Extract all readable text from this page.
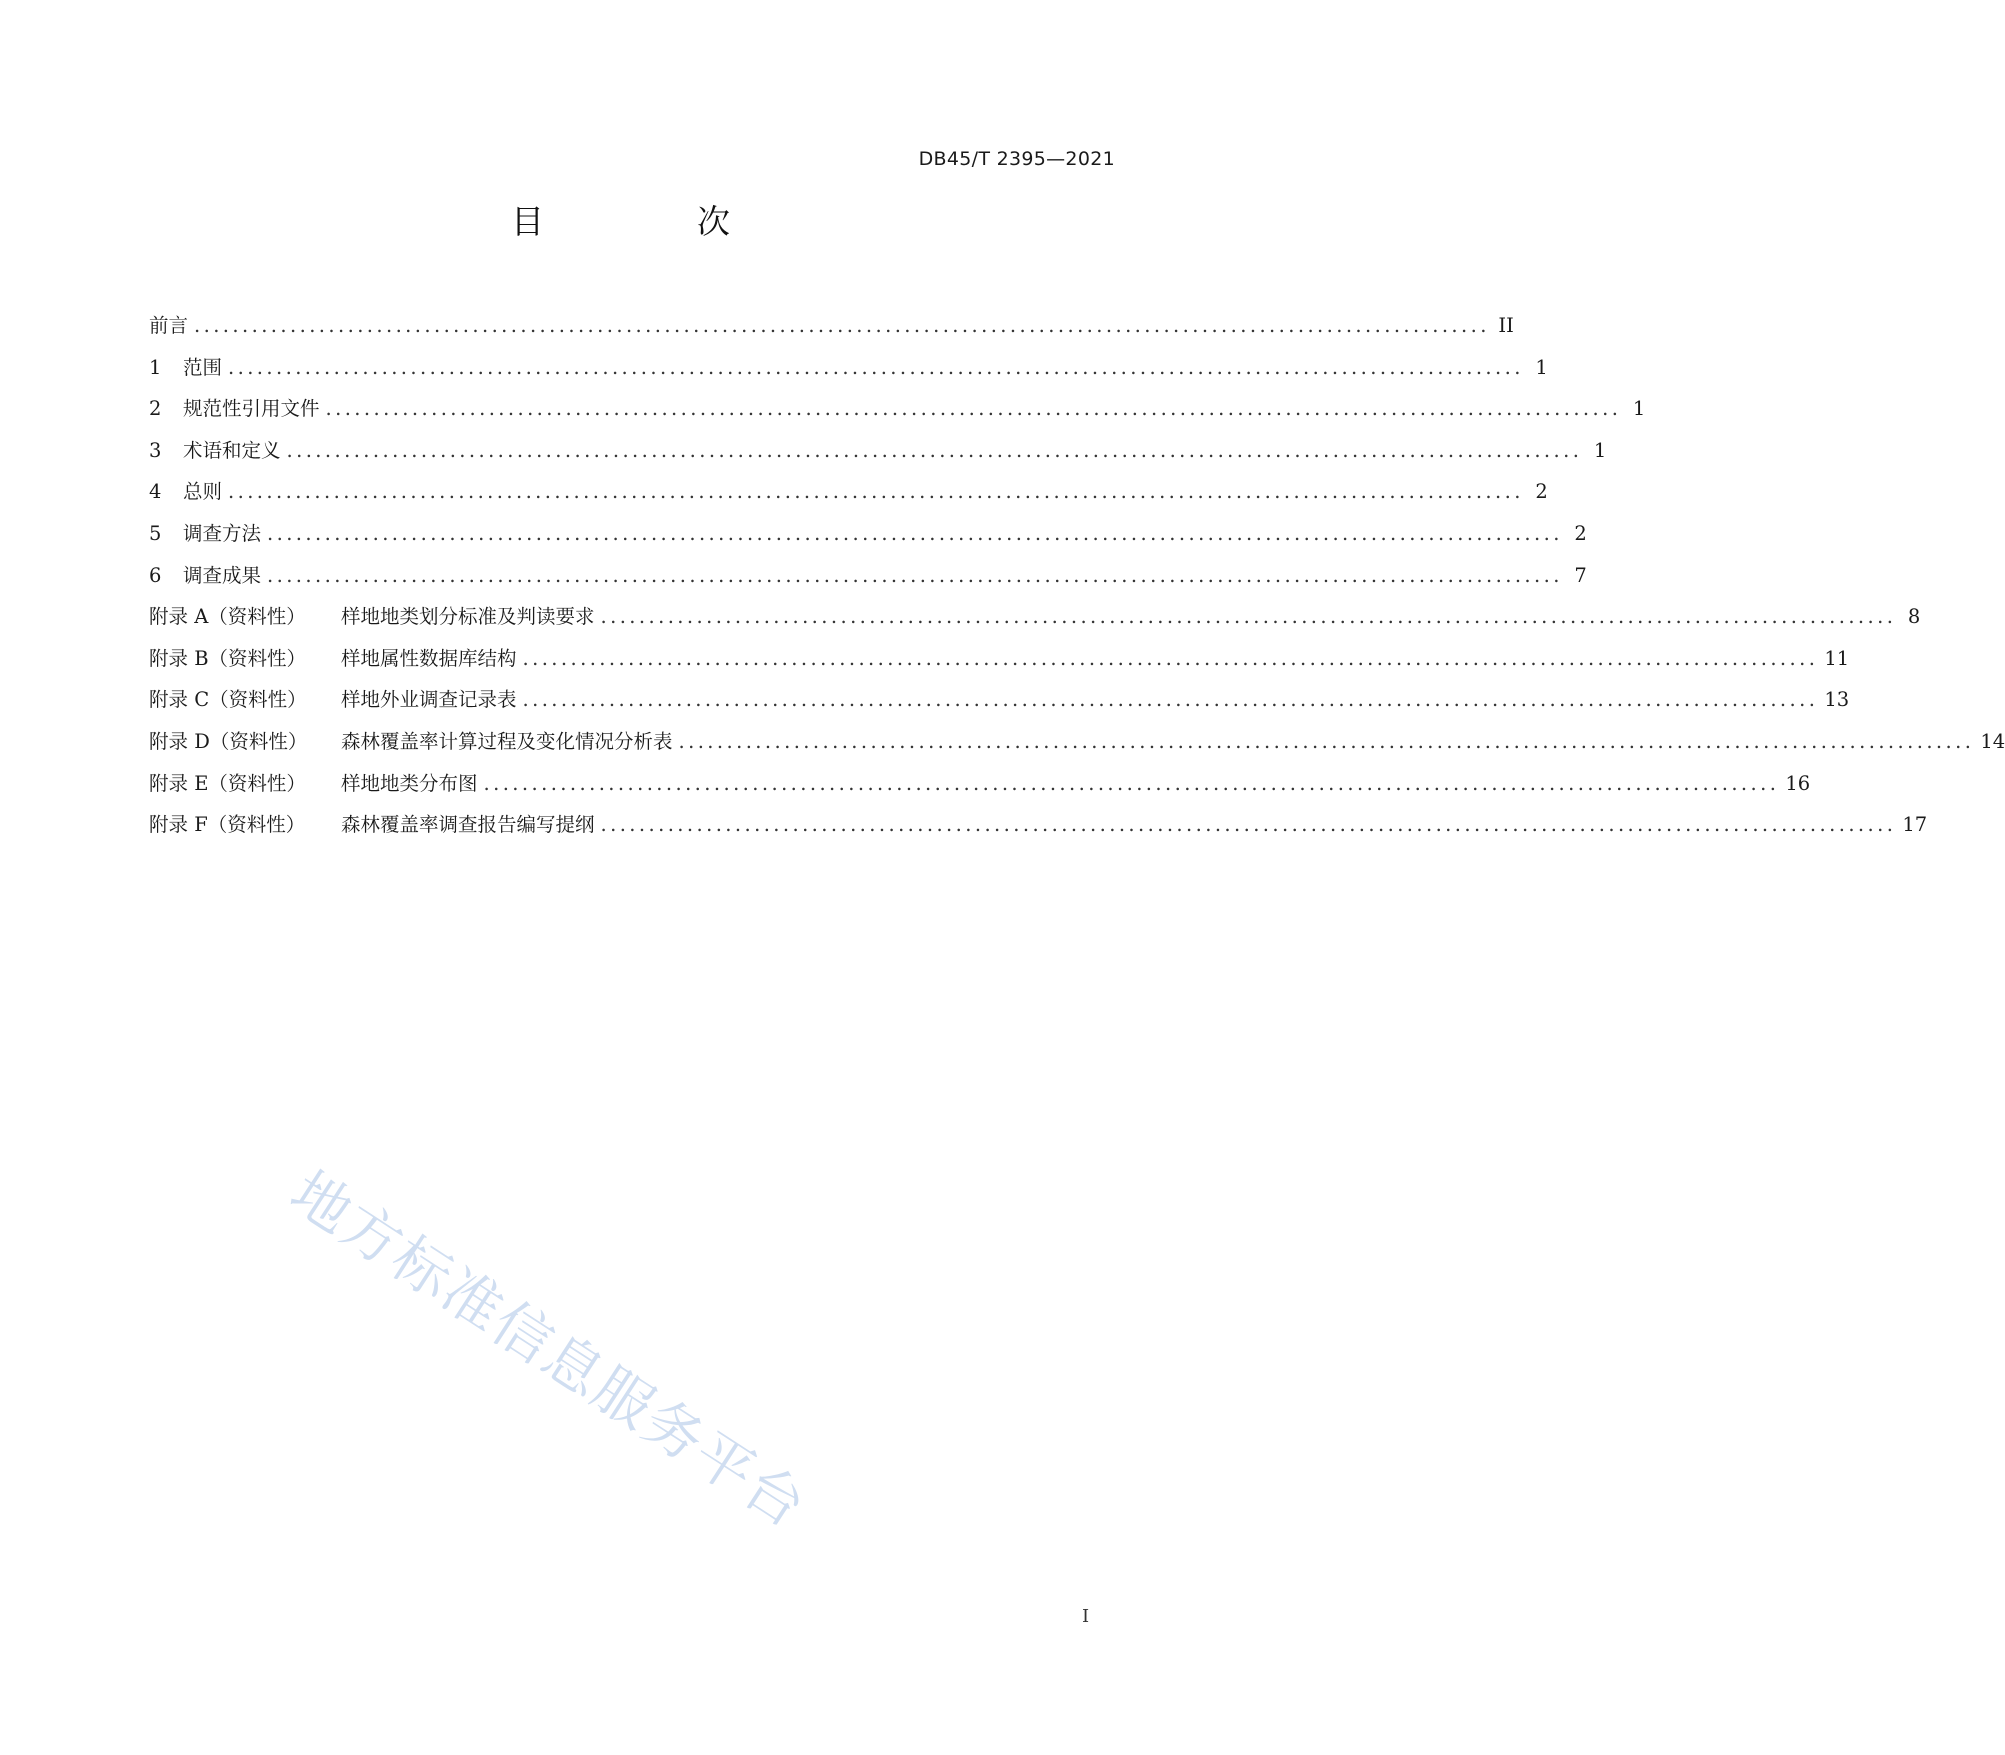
DB45/T 2395—2021
目　次
前言 ....................................................................................................................................... II
1	范围 ....................................................................................................................................... 1
2	规范性引用文件 ....................................................................................................................................... 1
3	术语和定义 ....................................................................................................................................... 1
4	总则 ....................................................................................................................................... 2
5	调查方法 ....................................................................................................................................... 2
6	调查成果 ....................................................................................................................................... 7
附录 A（资料性）	样地地类划分标准及判读要求 ....................................................................................................................................... 8
附录 B（资料性）	样地属性数据库结构 ....................................................................................................................................... 11
附录 C（资料性）	样地外业调查记录表 ....................................................................................................................................... 13
附录 D（资料性）	森林覆盖率计算过程及变化情况分析表 ....................................................................................................................................... 14
附录 E（资料性）	样地地类分布图 ....................................................................................................................................... 16
附录 F（资料性）	森林覆盖率调查报告编写提纲 ....................................................................................................................................... 17
地方标准信息服务平台
I
